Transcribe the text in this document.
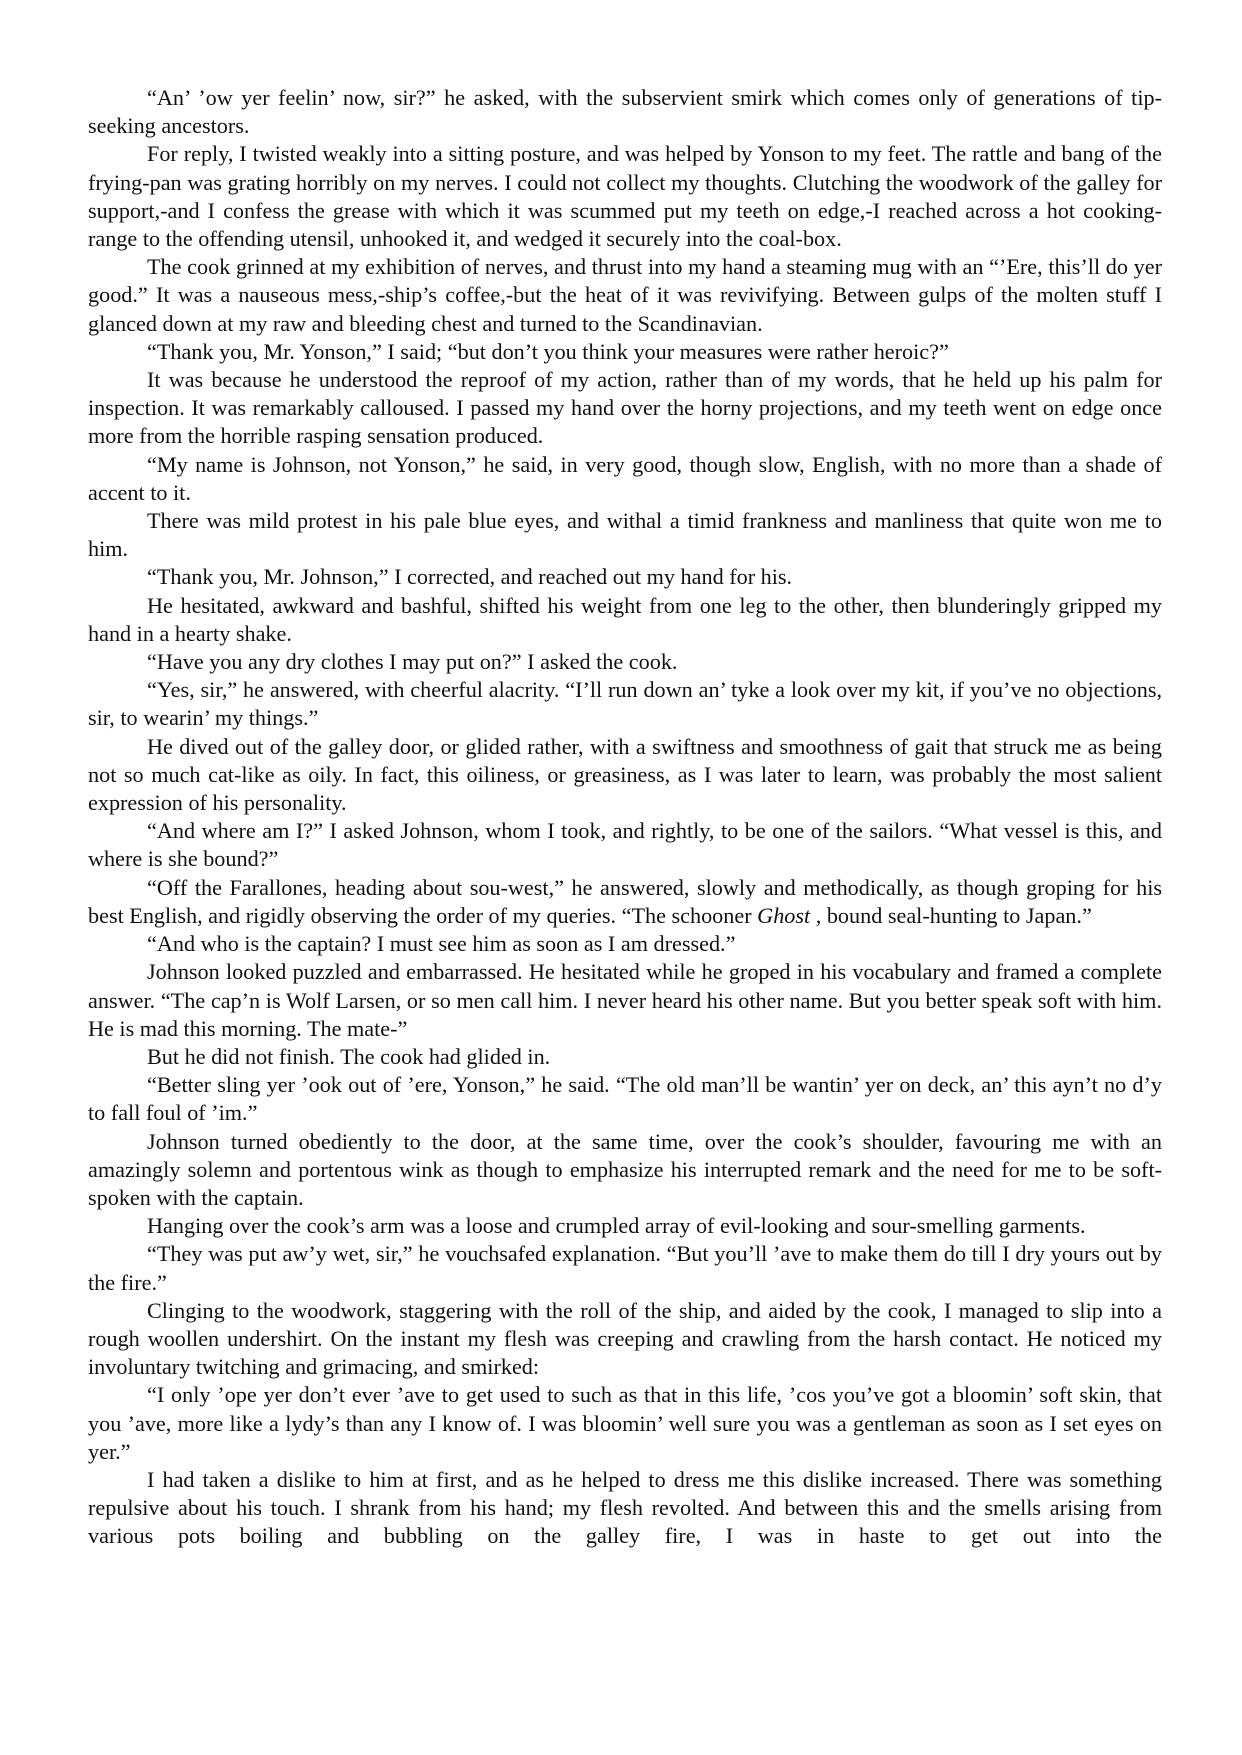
“An’ ’ow yer feelin’ now, sir?” he asked, with the subservient smirk which comes only of generations of tip-seeking ancestors.

For reply, I twisted weakly into a sitting posture, and was helped by Yonson to my feet. The rattle and bang of the frying-pan was grating horribly on my nerves. I could not collect my thoughts. Clutching the woodwork of the galley for support,-and I confess the grease with which it was scummed put my teeth on edge,-I reached across a hot cooking-range to the offending utensil, unhooked it, and wedged it securely into the coal-box.

The cook grinned at my exhibition of nerves, and thrust into my hand a steaming mug with an “’Ere, this’ll do yer good.” It was a nauseous mess,-ship’s coffee,-but the heat of it was revivifying. Between gulps of the molten stuff I glanced down at my raw and bleeding chest and turned to the Scandinavian.

“Thank you, Mr. Yonson,” I said; “but don’t you think your measures were rather heroic?”

It was because he understood the reproof of my action, rather than of my words, that he held up his palm for inspection. It was remarkably calloused. I passed my hand over the horny projections, and my teeth went on edge once more from the horrible rasping sensation produced.

“My name is Johnson, not Yonson,” he said, in very good, though slow, English, with no more than a shade of accent to it.

There was mild protest in his pale blue eyes, and withal a timid frankness and manliness that quite won me to him.

“Thank you, Mr. Johnson,” I corrected, and reached out my hand for his.

He hesitated, awkward and bashful, shifted his weight from one leg to the other, then blunderingly gripped my hand in a hearty shake.

“Have you any dry clothes I may put on?” I asked the cook.

“Yes, sir,” he answered, with cheerful alacrity. “I’ll run down an’ tyke a look over my kit, if you’ve no objections, sir, to wearin’ my things.”

He dived out of the galley door, or glided rather, with a swiftness and smoothness of gait that struck me as being not so much cat-like as oily. In fact, this oiliness, or greasiness, as I was later to learn, was probably the most salient expression of his personality.

“And where am I?” I asked Johnson, whom I took, and rightly, to be one of the sailors. “What vessel is this, and where is she bound?”

“Off the Farallones, heading about sou-west,” he answered, slowly and methodically, as though groping for his best English, and rigidly observing the order of my queries. “The schooner Ghost , bound seal-hunting to Japan.”

“And who is the captain? I must see him as soon as I am dressed.”

Johnson looked puzzled and embarrassed. He hesitated while he groped in his vocabulary and framed a complete answer. “The cap’n is Wolf Larsen, or so men call him. I never heard his other name. But you better speak soft with him. He is mad this morning. The mate-”

But he did not finish. The cook had glided in.

“Better sling yer ’ook out of ’ere, Yonson,” he said. “The old man’ll be wantin’ yer on deck, an’ this ayn’t no d’y to fall foul of ’im.”

Johnson turned obediently to the door, at the same time, over the cook’s shoulder, favouring me with an amazingly solemn and portentous wink as though to emphasize his interrupted remark and the need for me to be soft-spoken with the captain.

Hanging over the cook’s arm was a loose and crumpled array of evil-looking and sour-smelling garments.

“They was put aw’y wet, sir,” he vouchsafed explanation. “But you’ll ’ave to make them do till I dry yours out by the fire.”

Clinging to the woodwork, staggering with the roll of the ship, and aided by the cook, I managed to slip into a rough woollen undershirt. On the instant my flesh was creeping and crawling from the harsh contact. He noticed my involuntary twitching and grimacing, and smirked:

“I only ’ope yer don’t ever ’ave to get used to such as that in this life, ’cos you’ve got a bloomin’ soft skin, that you ’ave, more like a lydy’s than any I know of. I was bloomin’ well sure you was a gentleman as soon as I set eyes on yer.”

I had taken a dislike to him at first, and as he helped to dress me this dislike increased. There was something repulsive about his touch. I shrank from his hand; my flesh revolted. And between this and the smells arising from various pots boiling and bubbling on the galley fire, I was in haste to get out into the
